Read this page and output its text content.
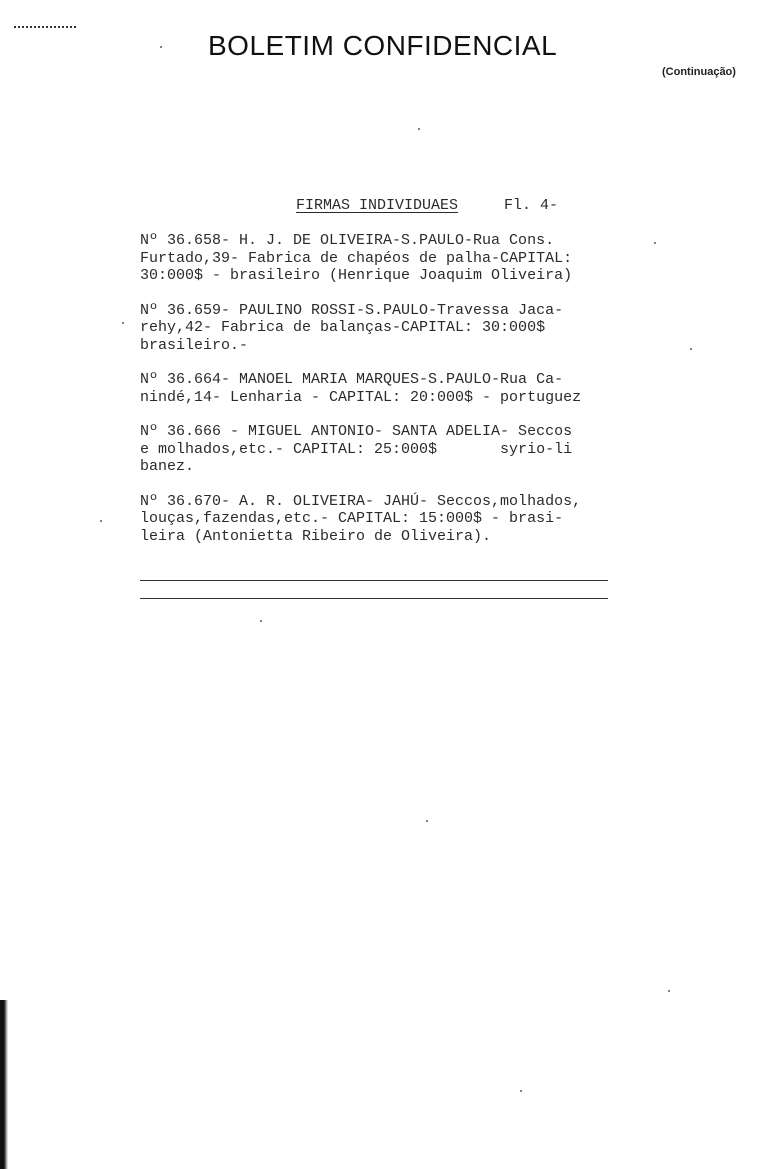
BOLETIM CONFIDENCIAL
(Continuação)
FIRMAS INDIVIDUAES	Fl. 4-
Nº 36.658- H. J. DE OLIVEIRA-S.PAULO-Rua Cons.
Furtado,39- Fabrica de chapéos de palha-CAPITAL:
30:000$ - brasileiro (Henrique Joaquim Oliveira)
Nº 36.659- PAULINO ROSSI-S.PAULO-Travessa Jaca-
rehy,42- Fabrica de balanças-CAPITAL: 30:000$
brasileiro.-
Nº 36.664- MANOEL MARIA MARQUES-S.PAULO-Rua Ca-
nindé,14- Lenharia - CAPITAL: 20:000$ - portuguez
Nº 36.666 - MIGUEL ANTONIO- SANTA ADELIA- Seccos
e molhados,etc.- CAPITAL: 25:000$       syrio-li
banez.
Nº 36.670- A. R. OLIVEIRA- JAHÚ- Seccos,molhados,
louças,fazendas,etc.- CAPITAL: 15:000$ - brasi-
leira (Antonietta Ribeiro de Oliveira).
